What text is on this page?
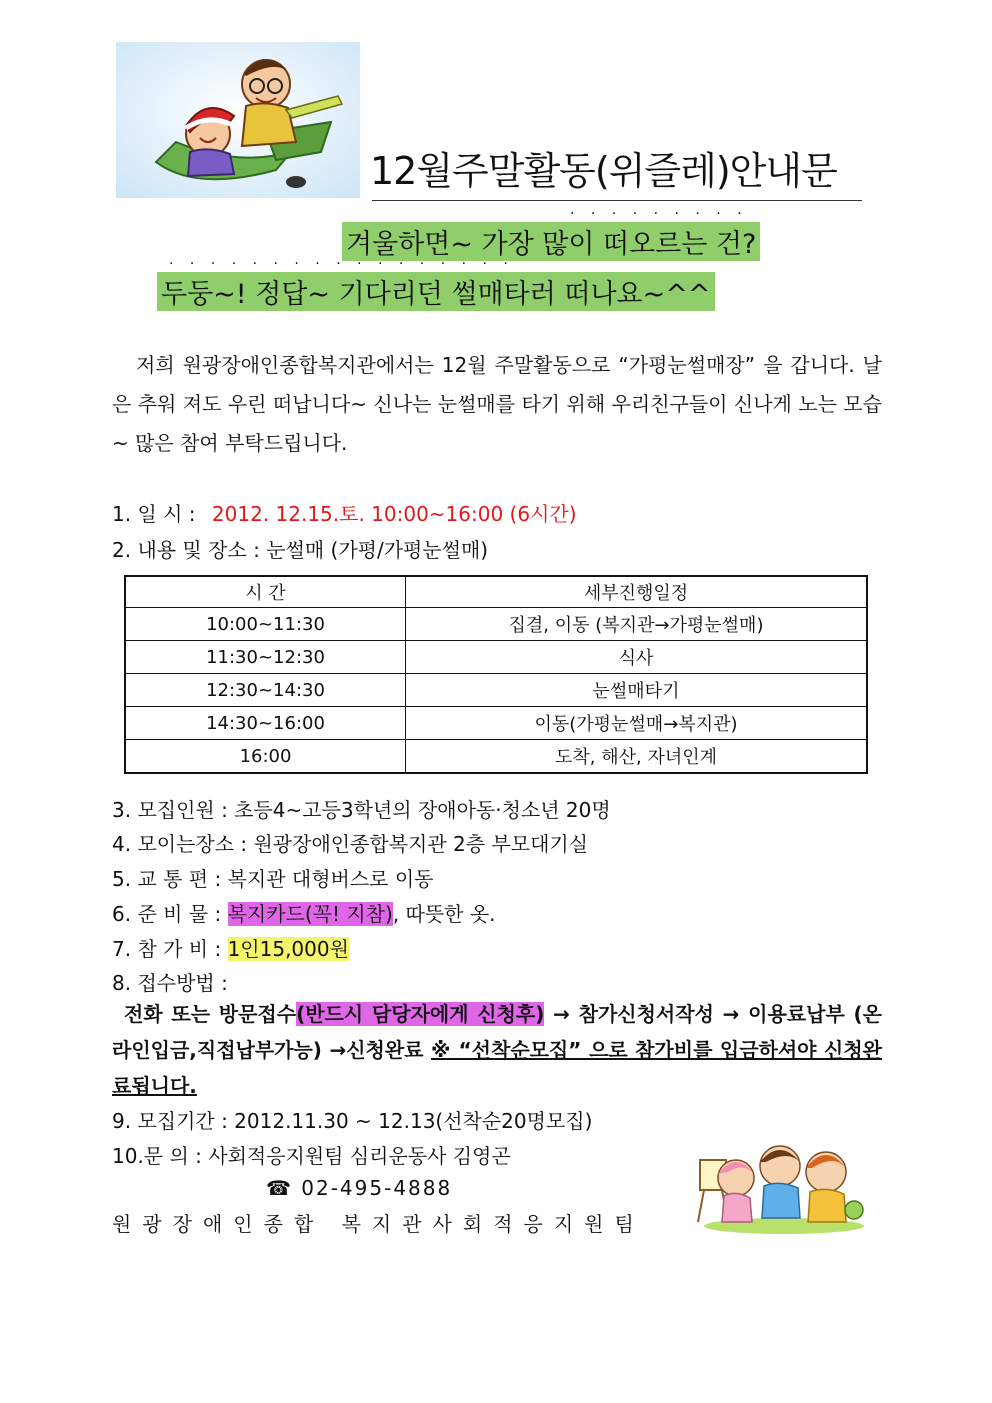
12월주말활동(위즐레)안내문
· · · · · · · · ·
겨울하면~ 가장 많이 떠오르는 건?
· · · · · · · · · · · · · · · · ·
두둥~! 정답~ 기다리던 썰매타러 떠나요~^^
저희 원광장애인종합복지관에서는 12월 주말활동으로 “가평눈썰매장” 을 갑니다. 날은 추워 져도 우린 떠납니다~ 신나는 눈썰매를 타기 위해 우리친구들이 신나게 노는 모습~ 많은 참여 부탁드립니다.
1. 일 시 : 2012. 12.15.토. 10:00~16:00 (6시간)
2. 내용 및 장소 : 눈썰매 (가평/가평눈썰매)
시 간	세부진행일정
10:00~11:30	집결, 이동 (복지관→가평눈썰매)
11:30~12:30	식사
12:30~14:30	눈썰매타기
14:30~16:00	이동(가평눈썰매→복지관)
16:00	도착, 해산, 자녀인계
3. 모집인원 : 초등4~고등3학년의 장애아동·청소년 20명
4. 모이는장소 : 원광장애인종합복지관 2층 부모대기실
5. 교 통 편 : 복지관 대형버스로 이동
6. 준 비 물 : 복지카드(꼭! 지참), 따뜻한 옷.
7. 참 가 비 : 1인15,000원
8. 접수방법 :
전화 또는 방문접수(반드시 담당자에게 신청후) → 참가신청서작성 → 이용료납부 (온라인입금,직접납부가능) →신청완료 ※ “선착순모집” 으로 참가비를 입금하셔야 신청완료됩니다.
9. 모집기간 : 2012.11.30 ~ 12.13(선착순20명모집)
10.문 의 : 사회적응지원팀 심리운동사 김영곤
☎ 02-495-4888
원광장애인종합 복지관사회적응지원팀
